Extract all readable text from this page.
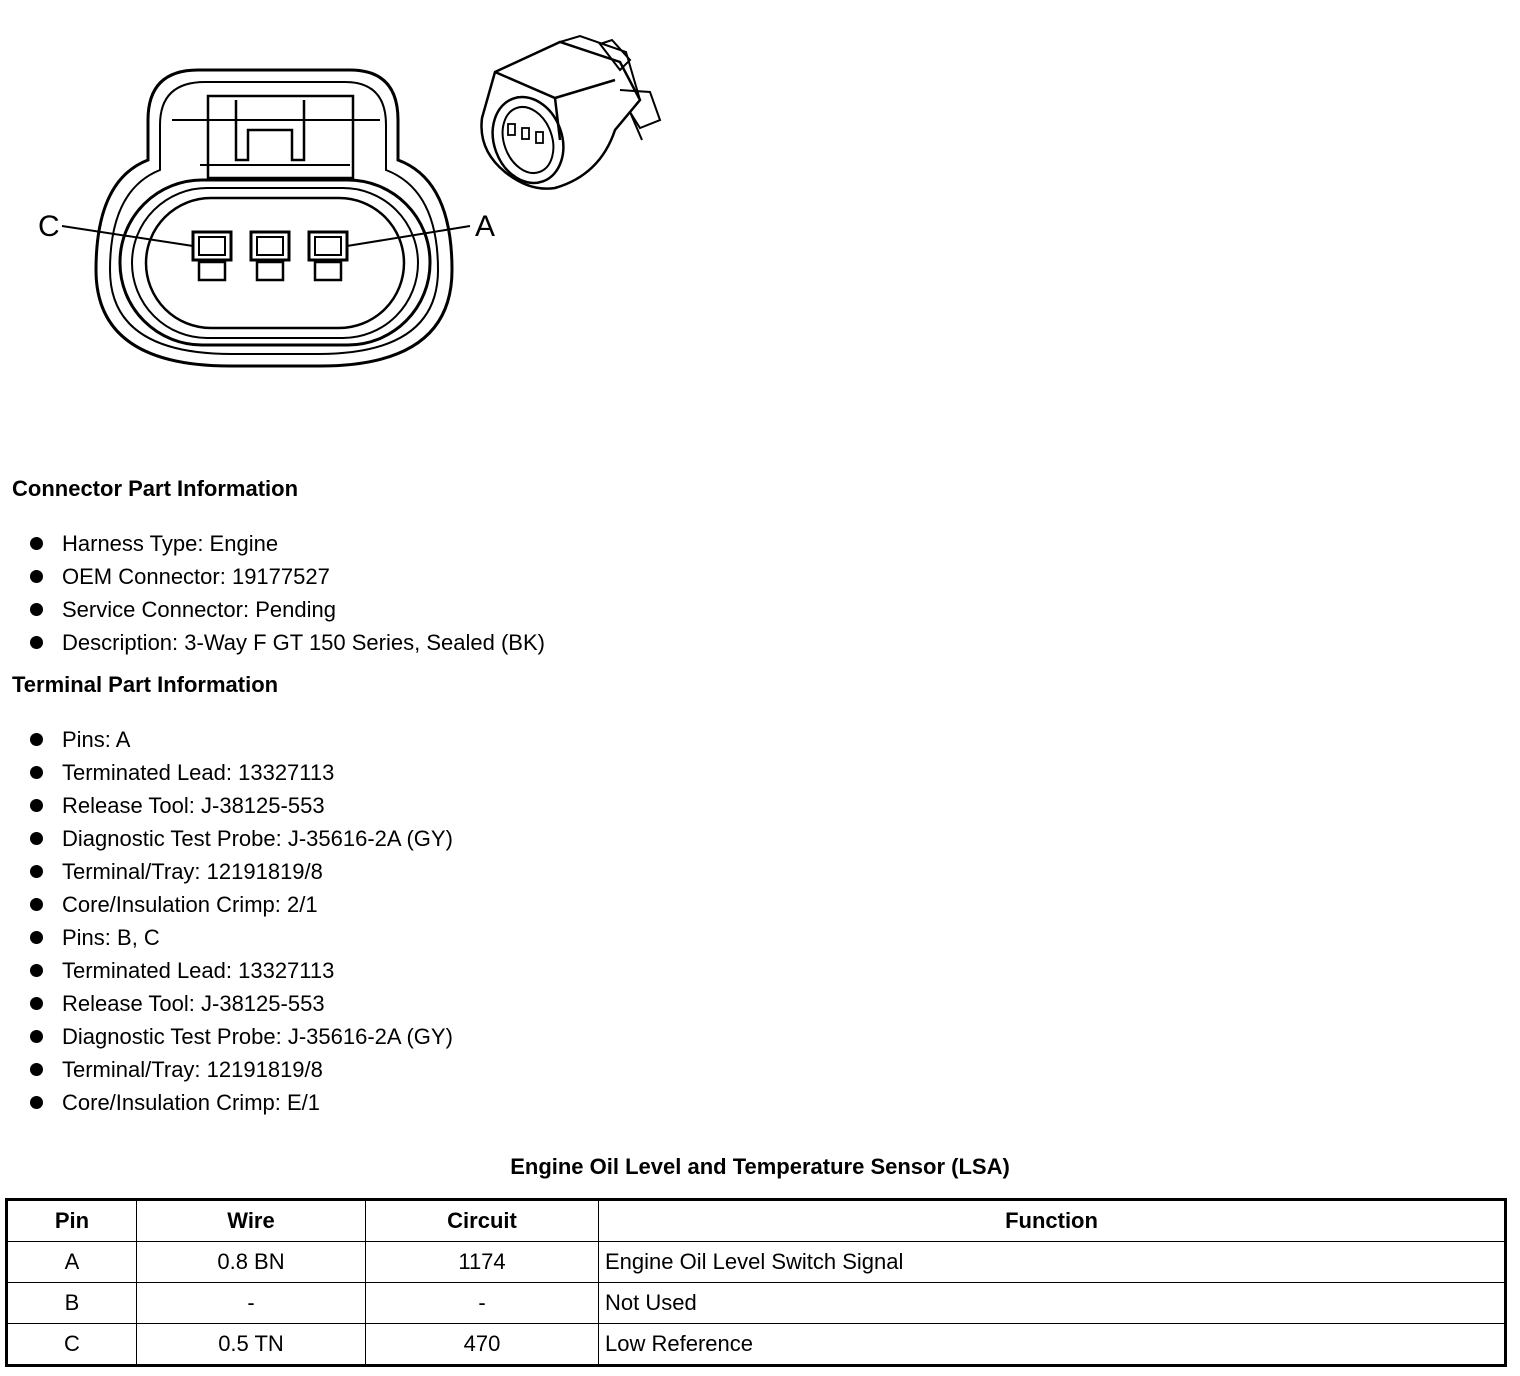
C	A
Connector Part Information
Harness Type: Engine
OEM Connector: 19177527
Service Connector: Pending
Description: 3-Way F GT 150 Series, Sealed (BK)
Terminal Part Information
Pins: A
Terminated Lead: 13327113
Release Tool: J-38125-553
Diagnostic Test Probe: J-35616-2A (GY)
Terminal/Tray: 12191819/8
Core/Insulation Crimp: 2/1
Pins: B, C
Terminated Lead: 13327113
Release Tool: J-38125-553
Diagnostic Test Probe: J-35616-2A (GY)
Terminal/Tray: 12191819/8
Core/Insulation Crimp: E/1
Engine Oil Level and Temperature Sensor (LSA)
Pin	Wire	Circuit	Function
A	0.8 BN	1174	Engine Oil Level Switch Signal
B	-	-	Not Used
C	0.5 TN	470	Low Reference
